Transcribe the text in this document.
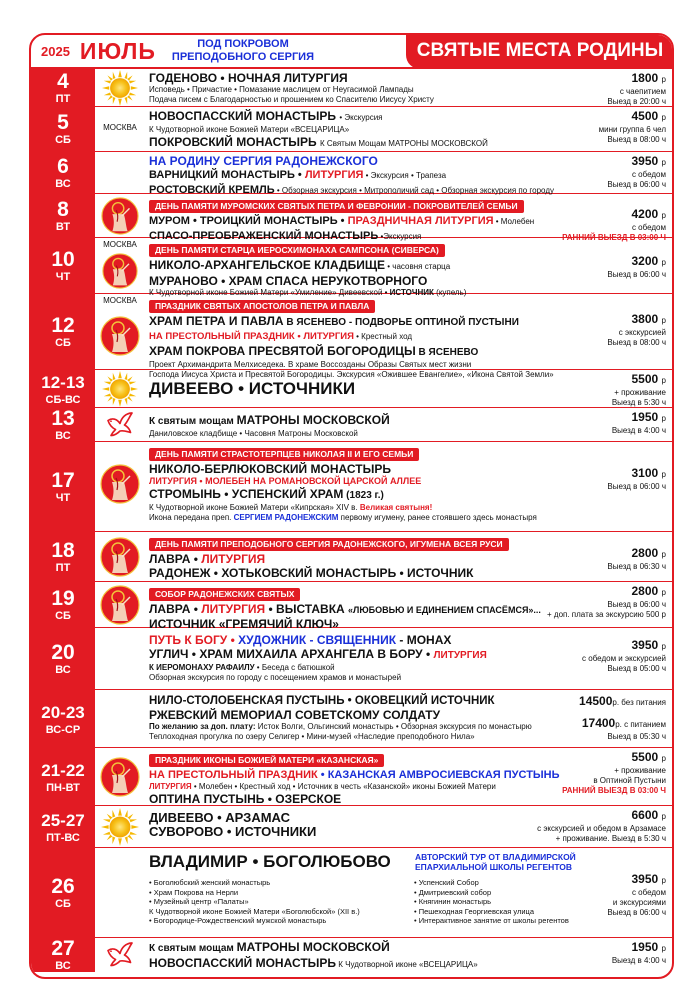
2025 ИЮЛЬ	ПОД ПОКРОВОМ
ПРЕПОДОБНОГО СЕРГИЯ	СВЯТЫЕ МЕСТА РОДИНЫ
4
ПТ
ГОДЕНОВО • НОЧНАЯ ЛИТУРГИЯ
Исповедь • Причастие • Помазание маслицем от Неугасимой Лампады
Подача писем с Благодарностью и прошением ко Спасителю Иисусу Христу
1800 р
с чаепитием
Выезд в 20:00 ч
5
СБ
МОСКВА
НОВОСПАССКИЙ МОНАСТЫРЬ • Экскурсия
К Чудотворной иконе Божией Матери «ВСЕЦАРИЦА»
ПОКРОВСКИЙ МОНАСТЫРЬ К Святым Мощам МАТРОНЫ МОСКОВСКОЙ
4500 р
мини группа 6 чел
Выезд в 08:00 ч
6
ВС
НА РОДИНУ СЕРГИЯ РАДОНЕЖСКОГО
ВАРНИЦКИЙ МОНАСТЫРЬ • ЛИТУРГИЯ • Экскурсия • Трапеза
РОСТОВСКИЙ КРЕМЛЬ • Обзорная экскурсия • Митрополичий сад • Обзорная экскурсия по городу
3950 р
с обедом
Выезд в 06:00 ч
8
ВТ
ДЕНЬ ПАМЯТИ МУРОМСКИХ СВЯТЫХ ПЕТРА И ФЕВРОНИИ - ПОКРОВИТЕЛЕЙ СЕМЬИ
МУРОМ • ТРОИЦКИЙ МОНАСТЫРЬ • ПРАЗДНИЧНАЯ ЛИТУРГИЯ • Молебен
СПАСО-ПРЕОБРАЖЕНСКИЙ МОНАСТЫРЬ •Экскурсия
4200 р
с обедом
РАННИЙ ВЫЕЗД В 03:00 Ч
10
ЧТ
МОСКВА
ДЕНЬ ПАМЯТИ СТАРЦА ИЕРОСХИМОНАХА САМПСОНА (СИВЕРСА)
НИКОЛО-АРХАНГЕЛЬСКОЕ КЛАДБИЩЕ • часовня старца
МУРАНОВО • ХРАМ СПАСА НЕРУКОТВОРНОГО
К Чудотворной иконе Божией Матери «Умиление» Дивеевской • ИСТОЧНИК (купель)
3200 р
Выезд в 06:00 ч
12
СБ
МОСКВА
ПРАЗДНИК СВЯТЫХ АПОСТОЛОВ ПЕТРА И ПАВЛА
ХРАМ ПЕТРА И ПАВЛА В ЯСЕНЕВО - ПОДВОРЬЕ ОПТИНОЙ ПУСТЫНИ
НА ПРЕСТОЛЬНЫЙ ПРАЗДНИК • ЛИТУРГИЯ • Крестный ход
ХРАМ ПОКРОВА ПРЕСВЯТОЙ БОГОРОДИЦЫ В ЯСЕНЕВО
Проект Архимандрита Мелхиседека. В храме Воссозданы Образы Святых мест жизни
Господа Иисуса Христа и Пресвятой Богородицы. Экскурсия «Ожившее Евангелие», «Икона Святой Земли»
3800 р
с экскурсией
Выезд в 08:00 ч
12-13
СБ-ВС
ДИВЕЕВО • ИСТОЧНИКИ	5500 р
+ проживание
Выезд в 5:30 ч
13
ВС
К святым мощам МАТРОНЫ МОСКОВСКОЙ
Даниловское кладбище • Часовня Матроны Московской
1950 р
Выезд в 4:00 ч
17
ЧТ
ДЕНЬ ПАМЯТИ СТРАСТОТЕРПЦЕВ НИКОЛАЯ II И ЕГО СЕМЬИ
НИКОЛО-БЕРЛЮКОВСКИЙ МОНАСТЫРЬ
ЛИТУРГИЯ • МОЛЕБЕН НА РОМАНОВСКОЙ ЦАРСКОЙ АЛЛЕЕ
СТРОМЫНЬ • УСПЕНСКИЙ ХРАМ (1823 г.)
К Чудотворной иконе Божией Матери «Кипрская» XIV в. Великая святыня!
Икона передана преп. СЕРГИЕМ РАДОНЕЖСКИМ первому игумену, ранее стоявшего здесь монастыря
3100 р
Выезд в 06:00 ч
18
ПТ
ДЕНЬ ПАМЯТИ ПРЕПОДОБНОГО СЕРГИЯ РАДОНЕЖСКОГО, ИГУМЕНА ВСЕЯ РУСИ
ЛАВРА • ЛИТУРГИЯ
РАДОНЕЖ • ХОТЬКОВСКИЙ МОНАСТЫРЬ • ИСТОЧНИК
2800 р
Выезд в 06:30 ч
19
СБ
СОБОР РАДОНЕЖСКИХ СВЯТЫХ
ЛАВРА • ЛИТУРГИЯ • ВЫСТАВКА «ЛЮБОВЬЮ И ЕДИНЕНИЕМ СПАСЁМСЯ»...
ИСТОЧНИК «ГРЕМЯЧИЙ КЛЮЧ»
2800 р
Выезд в 06:00 ч
+ доп. плата за экскурсию 500 р
20
ВС
ПУТЬ К БОГУ • ХУДОЖНИК - СВЯЩЕННИК - МОНАХ
УГЛИЧ • ХРАМ МИХАИЛА АРХАНГЕЛА В БОРУ • ЛИТУРГИЯ
К ИЕРОМОНАХУ РАФАИЛУ • Беседа с батюшкой
Обзорная экскурсия по городу с посещением храмов и монастырей
3950 р
с обедом и экскурсией
Выезд в 05:00 ч
20-23
ВС-СР
НИЛО-СТОЛОБЕНСКАЯ ПУСТЫНЬ • ОКОВЕЦКИЙ ИСТОЧНИК
РЖЕВСКИЙ МЕМОРИАЛ СОВЕТСКОМУ СОЛДАТУ
По желанию за доп. плату: Исток Волги, Ольгинский монастырь • Обзорная экскурсия по монастырю
Теплоходная прогулка по озеру Селигер • Мини-музей «Наследие преподобного Нила»
14500р. без питания
17400р. с питанием
Выезд в 05:30 ч
21-22
ПН-ВТ
ПРАЗДНИК ИКОНЫ БОЖИЕЙ МАТЕРИ «КАЗАНСКАЯ»
НА ПРЕСТОЛЬНЫЙ ПРАЗДНИК • КАЗАНСКАЯ АМВРОСИЕВСКАЯ ПУСТЫНЬ
ЛИТУРГИЯ • Молебен • Крестный ход • Источник в честь «Казанской» иконы Божией Матери
ОПТИНА ПУСТЫНЬ • ОЗЕРСКОЕ
5500 р
+ проживание
в Оптиной Пустыни
РАННИЙ ВЫЕЗД В 03:00 Ч
25-27
ПТ-ВС
ДИВЕЕВО • АРЗАМАС
СУВОРОВО • ИСТОЧНИКИ
6600 р
с экскурсией и обедом в Арзамасе
+ проживание. Выезд в 5:30 ч
26
СБ
ВЛАДИМИР • БОГОЛЮБОВО	АВТОРСКИЙ ТУР ОТ ВЛАДИМИРСКОЙ
ЕПАРХИАЛЬНОЙ ШКОЛЫ РЕГЕНТОВ
• Боголюбский женский монастырь
• Храм Покрова на Нерли
• Музейный центр «Палаты»
К Чудотворной иконе Божией Матери «Боголюбской» (XII в.)
• Богородице-Рождественский мужской монастырь
• Успенский Собор
• Дмитриевский собор
• Княгинин монастырь
• Пешеходная Георгиевская улица
• Интерактивное занятие от школы регентов
3950 р
с обедом
и экскурсиями
Выезд в 06:00 ч
27
ВС
К святым мощам МАТРОНЫ МОСКОВСКОЙ
НОВОСПАССКИЙ МОНАСТЫРЬ К Чудотворной иконе «ВСЕЦАРИЦА»
1950 р
Выезд в 4:00 ч
